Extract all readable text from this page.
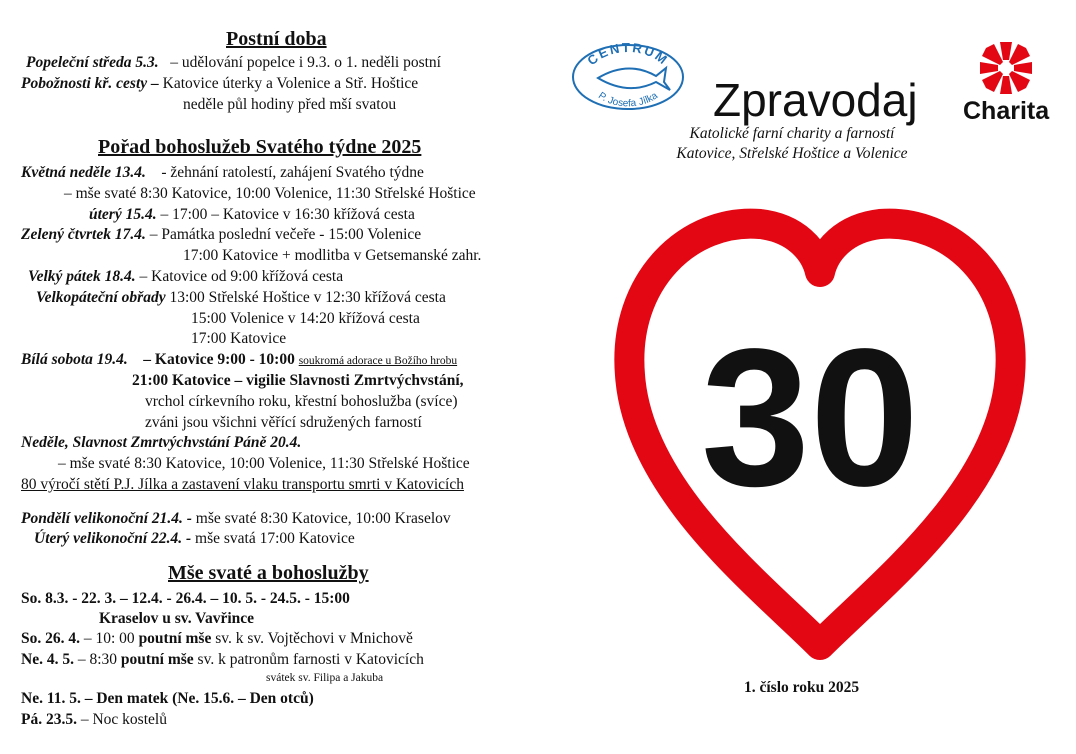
Postní doba
Popeleční středa 5.3. – udělování popelce i 9.3. o 1. neděli postní
Pobožnosti kř. cesty – Katovice úterky a Volenice a Stř. Hoštice
neděle půl hodiny před mší svatou
Pořad bohoslužeb Svatého týdne 2025
Květná neděle 13.4. - žehnání ratolestí, zahájení Svatého týdne
– mše svaté 8:30 Katovice, 10:00 Volenice, 11:30 Střelské Hoštice
úterý 15.4. – 17:00 – Katovice v 16:30 křížová cesta
Zelený čtvrtek 17.4. – Památka poslední večeře - 15:00 Volenice
17:00 Katovice + modlitba v Getsemanské zahr.
Velký pátek 18.4. – Katovice od 9:00 křížová cesta
Velkopáteční obřady 13:00 Střelské Hoštice v 12:30 křížová cesta
15:00 Volenice v 14:20 křížová cesta
17:00 Katovice
Bílá sobota 19.4. – Katovice 9:00 - 10:00 soukromá adorace u Božího hrobu
21:00 Katovice – vigilie Slavnosti Zmrtvýchvstání,
vrchol církevního roku, křestní bohoslužba (svíce)
zváni jsou všichni věřící sdružených farností
Neděle, Slavnost Zmrtvýchvstání Páně 20.4.
– mše svaté 8:30 Katovice, 10:00 Volenice, 11:30 Střelské Hoštice
80 výročí stětí P.J. Jílka a zastavení vlaku transportu smrti v Katovicích
Pondělí velikonoční 21.4. - mše svaté 8:30 Katovice, 10:00 Kraselov
Úterý velikonoční 22.4. - mše svatá 17:00 Katovice
Mše svaté a bohoslužby
So. 8.3. - 22. 3. – 12.4. - 26.4. – 10. 5. - 24.5. - 15:00
Kraselov u sv. Vavřince
So. 26. 4. – 10: 00 poutní mše sv. k sv. Vojtěchovi v Mnichově
Ne. 4. 5. – 8:30 poutní mše sv. k patronům farnosti v Katovicích
svátek sv. Filipa a Jakuba
Ne. 11. 5. – Den matek (Ne. 15.6. – Den otců)
Pá. 23.5. – Noc kostelů
CENTRUM
P. Josefa Jílka Zpravodaj
Katolické farní charity a farností
Katovice, Střelské Hoštice a Volenice
Charita
30
1. číslo roku 2025
